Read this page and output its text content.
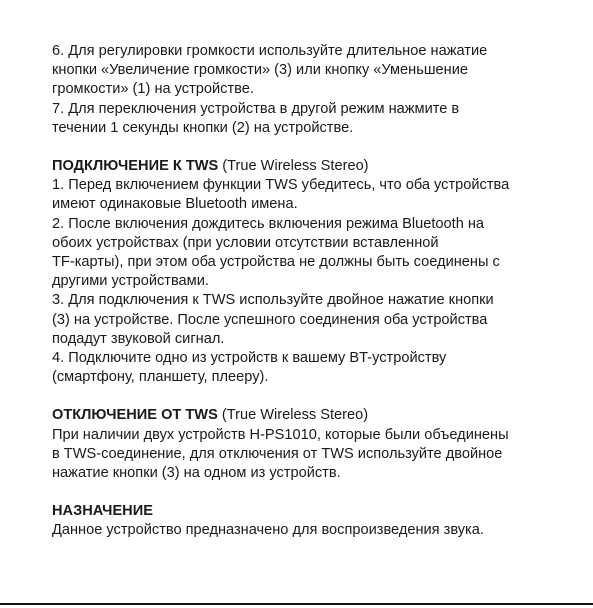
6. Для регулировки громкости используйте длительное нажатие
кнопки «Увеличение громкости» (3) или кнопку «Уменьшение
громкости» (1) на устройстве.
7. Для переключения устройства в другой режим нажмите в
течении 1 секунды кнопки (2) на устройстве.
ПОДКЛЮЧЕНИЕ К TWS (True Wireless Stereo)
1. Перед включением функции TWS убедитесь, что оба устройства
имеют одинаковые Bluetooth имена.
2. После включения дождитесь включения режима Bluetooth на
обоих устройствах (при условии отсутствии вставленной
TF-карты), при этом оба устройства не должны быть соединены с
другими устройствами.
3. Для подключения к TWS используйте двойное нажатие кнопки
(3) на устройстве. После успешного соединения оба устройства
подадут звуковой сигнал.
4. Подключите одно из устройств к вашему BT-устройству
(смартфону, планшету, плееру).
ОТКЛЮЧЕНИЕ ОТ TWS (True Wireless Stereo)
При наличии двух устройств H-PS1010, которые были объединены
в TWS-соединение, для отключения от TWS используйте двойное
нажатие кнопки (3) на одном из устройств.
НАЗНАЧЕНИЕ
Данное устройство предназначено для воспроизведения звука.
